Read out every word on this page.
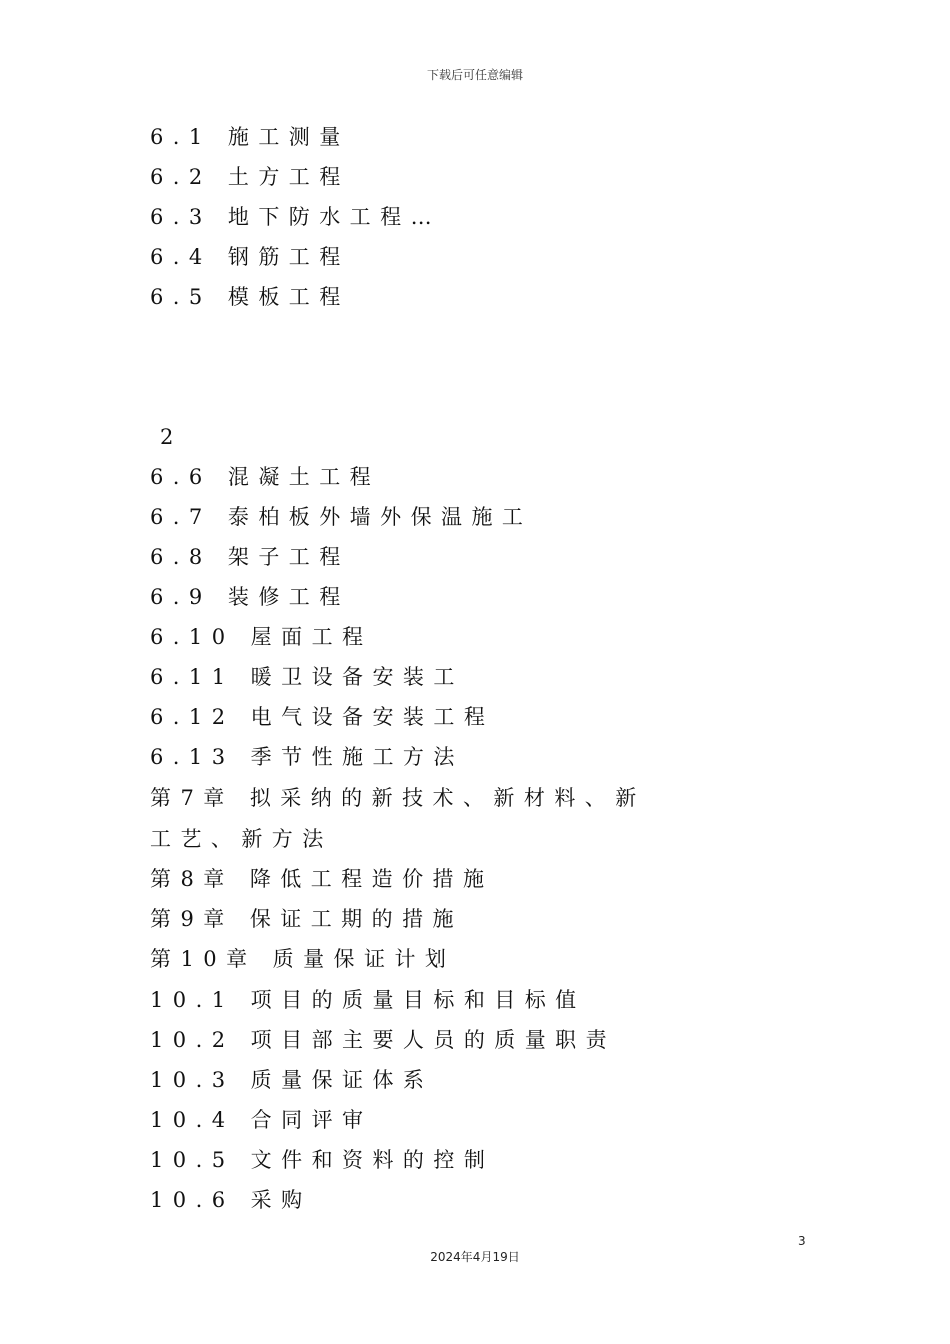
下载后可任意编辑
6.1 施工测量
6.2 土方工程
6.3 地下防水工程…
6.4 钢筋工程
6.5 模板工程
2
6.6 混凝土工程
6.7 泰柏板外墙外保温施工
6.8 架子工程
6.9 装修工程
6.10 屋面工程
6.11 暖卫设备安装工
6.12 电气设备安装工程
6.13 季节性施工方法
第7章 拟采纳的新技术、新材料、新
工艺、新方法
第8章 降低工程造价措施
第9章 保证工期的措施
第10章 质量保证计划
10.1 项目的质量目标和目标值
10.2 项目部主要人员的质量职责
10.3 质量保证体系
10.4 合同评审
10.5 文件和资料的控制
10.6 采购
3
2024年4月19日
